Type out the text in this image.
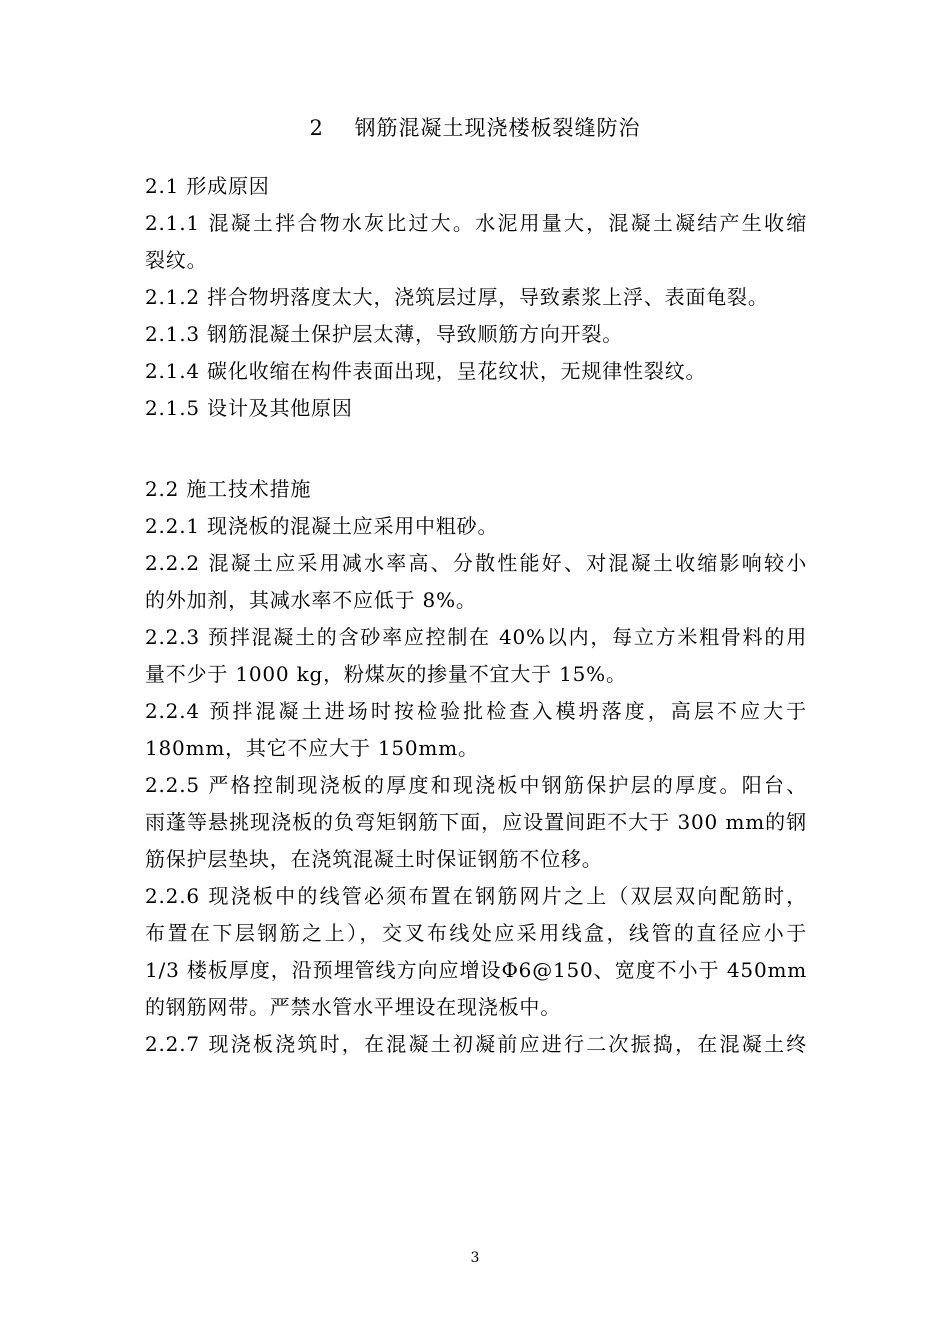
2    钢筋混凝土现浇楼板裂缝防治
2.1 形成原因
2.1.1 混凝土拌合物水灰比过大。水泥用量大，混凝土凝结产生收缩
裂纹。
2.1.2 拌合物坍落度太大，浇筑层过厚，导致素浆上浮、表面龟裂。
2.1.3 钢筋混凝土保护层太薄，导致顺筋方向开裂。
2.1.4 碳化收缩在构件表面出现，呈花纹状，无规律性裂纹。
2.1.5 设计及其他原因
2.2 施工技术措施
2.2.1 现浇板的混凝土应采用中粗砂。
2.2.2 混凝土应采用减水率高、分散性能好、对混凝土收缩影响较小
的外加剂，其减水率不应低于 8%。
2.2.3 预拌混凝土的含砂率应控制在 40%以内，每立方米粗骨料的用
量不少于 1000 kg，粉煤灰的掺量不宜大于 15%。
2.2.4 预拌混凝土进场时按检验批检查入模坍落度，高层不应大于
180mm，其它不应大于 150mm。
2.2.5 严格控制现浇板的厚度和现浇板中钢筋保护层的厚度。阳台、
雨蓬等悬挑现浇板的负弯矩钢筋下面，应设置间距不大于 300 mm的钢
筋保护层垫块，在浇筑混凝土时保证钢筋不位移。
2.2.6 现浇板中的线管必须布置在钢筋网片之上（双层双向配筋时，
布置在下层钢筋之上），交叉布线处应采用线盒，线管的直径应小于
1/3 楼板厚度，沿预埋管线方向应增设Φ6@150、宽度不小于 450mm
的钢筋网带。严禁水管水平埋设在现浇板中。
2.2.7 现浇板浇筑时，在混凝土初凝前应进行二次振捣，在混凝土终
3
